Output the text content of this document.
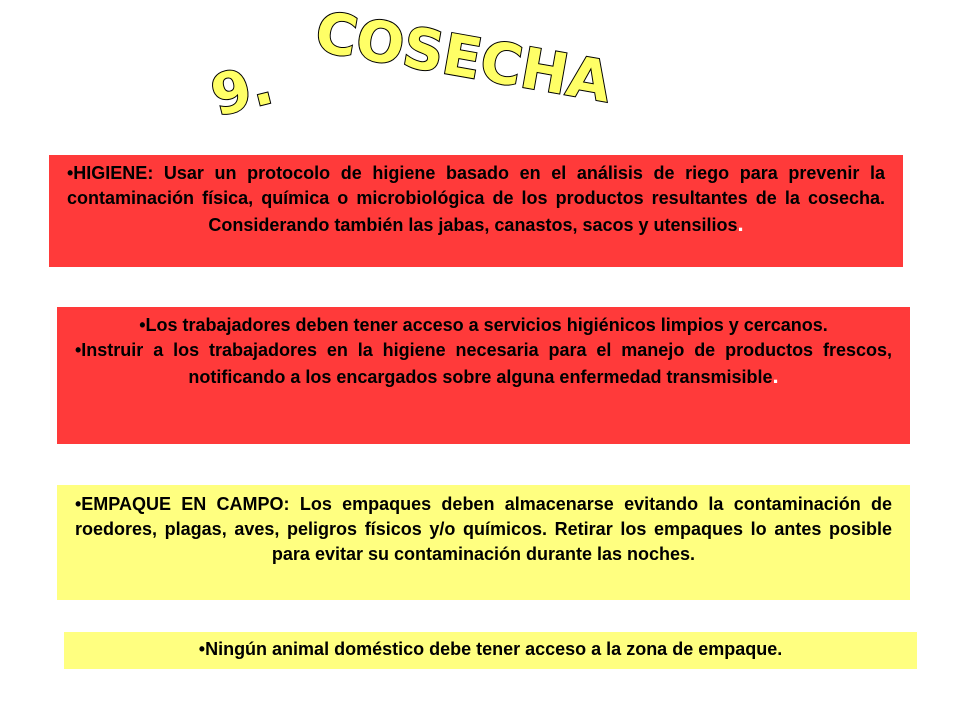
9. COSECHA

•HIGIENE: Usar un protocolo de higiene basado en el análisis de riego para prevenir la contaminación física, química o microbiológica de los productos resultantes de la cosecha. Considerando también las jabas, canastos, sacos y utensilios.

•Los trabajadores deben tener acceso a servicios higiénicos limpios y cercanos.

•Instruir a los trabajadores en la higiene necesaria para el manejo de productos frescos, notificando a los encargados sobre alguna enfermedad transmisible.

•EMPAQUE EN CAMPO: Los empaques deben almacenarse evitando la contaminación de roedores, plagas, aves, peligros físicos y/o químicos. Retirar los empaques lo antes posible para evitar su contaminación durante las noches.

•Ningún animal doméstico debe tener acceso a la zona de empaque.
